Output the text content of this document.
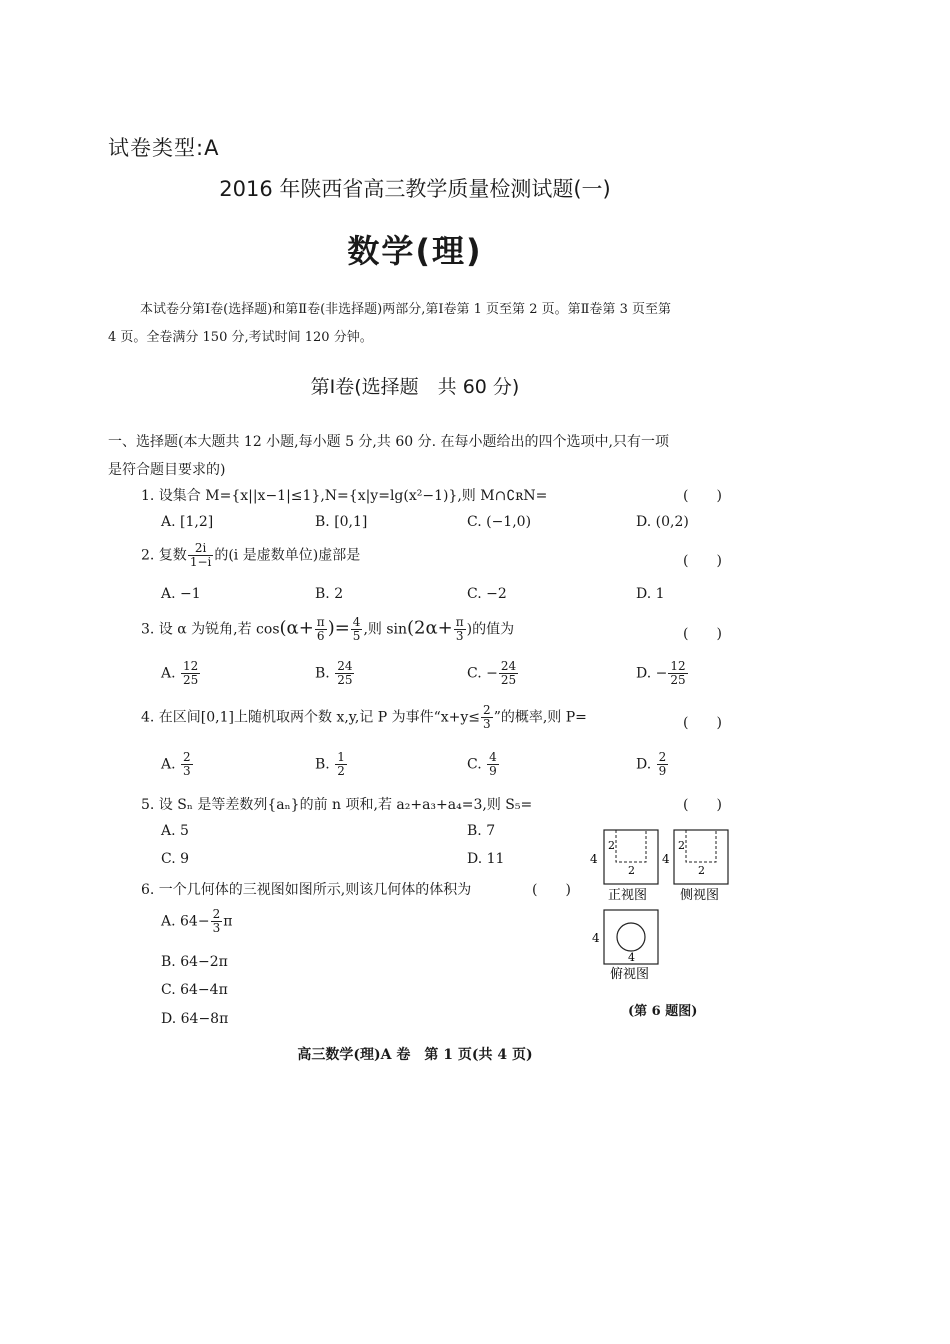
试卷类型:A
2016 年陕西省高三教学质量检测试题(一)
数学(理)
本试卷分第Ⅰ卷(选择题)和第Ⅱ卷(非选择题)两部分,第Ⅰ卷第 1 页至第 2 页。第Ⅱ卷第 3 页至第
4 页。全卷满分 150 分,考试时间 120 分钟。
第Ⅰ卷(选择题　共 60 分)
一、选择题(本大题共 12 小题,每小题 5 分,共 60 分. 在每小题给出的四个选项中,只有一项
是符合题目要求的)
1. 设集合 M={x||x−1|≤1},N={x|y=lg(x²−1)},则 M∩∁ʀN=	(　　)
A. [1,2]	B. [0,1]	C. (−1,0)	D. (0,2)
2. 复数 $\frac{2i}{1-i}$ 的(i 是虚数单位)虚部是	(　　)
A. −1	B. 2	C. −2	D. 1
3. 设 α 为锐角,若 $\cos(\alpha+ \frac{\pi}{6}$ )= $\frac{4}{5}$ ,则 $\sin(2\alpha+ \frac{\pi}{3}$ )的值为	(　　)
A. $\frac{12}{25}$	B. $\frac{24}{25}$	C. − $\frac{24}{25}$	D. − $\frac{12}{25}$
4. 在区间[0,1]上随机取两个数 x,y,记 P 为事件“$x+y\le \frac{2}{3}$ ”的概率,则 P=	(　　)
A. $\frac{2}{3}$	B. $\frac{1}{2}$	C. $\frac{4}{9}$	D. $\frac{2}{9}$
5. 设 Sₙ 是等差数列{aₙ}的前 n 项和,若 a₂+a₃+a₄=3,则 S₅=	(　　)
A. 5	B. 7
C. 9	D. 11
6. 一个几何体的三视图如图所示,则该几何体的体积为	(　　)
A. $64- \frac{2}{3}$ π
B. 64−2π
C. 64−4π
D. 64−8π
4
2
2
正视图
4
2
2
侧视图
4
4
俯视图
(第 6 题图)
高三数学(理)A 卷　第 1 页(共 4 页)
